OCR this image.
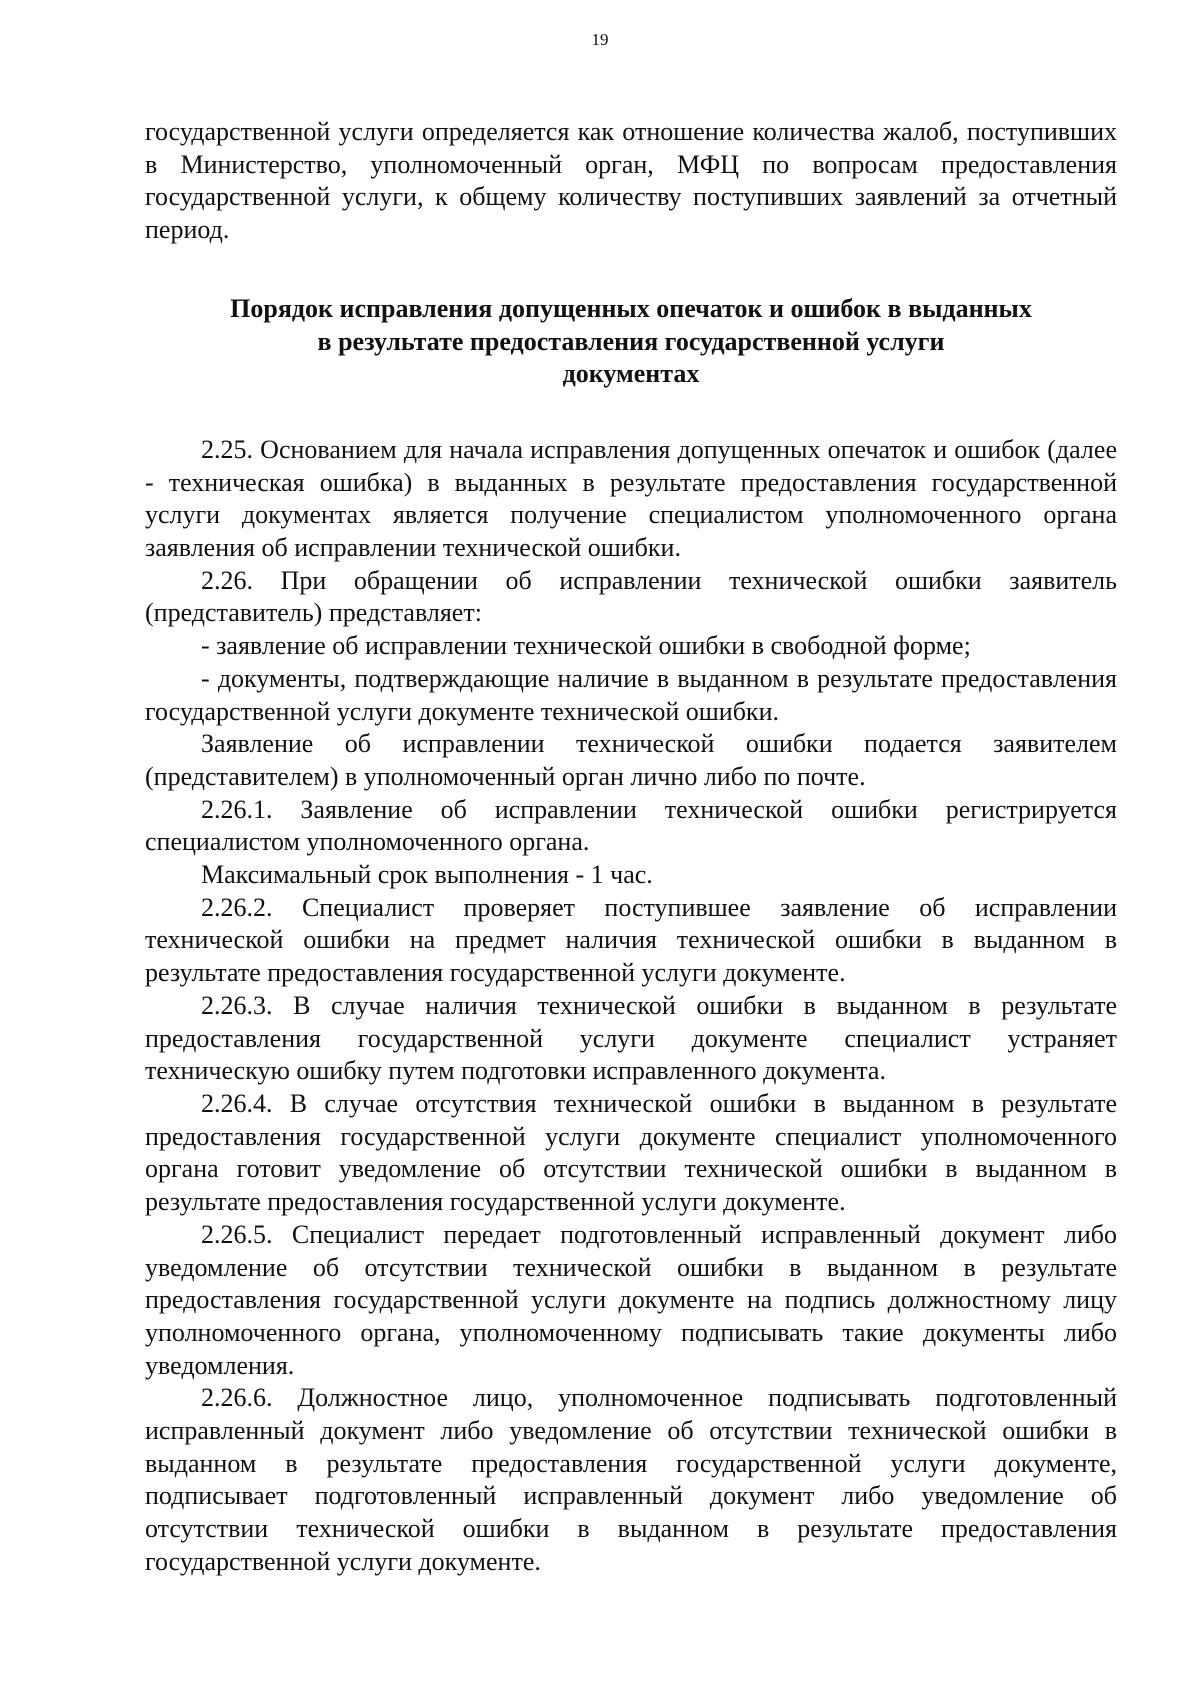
19

государственной услуги определяется как отношение количества жалоб, поступивших в Министерство, уполномоченный орган, МФЦ по вопросам предоставления государственной услуги, к общему количеству поступивших заявлений за отчетный период.

Порядок исправления допущенных опечаток и ошибок в выданных
в результате предоставления государственной услуги
документах

2.25. Основанием для начала исправления допущенных опечаток и ошибок (далее - техническая ошибка) в выданных в результате предоставления государственной услуги документах является получение специалистом уполномоченного органа заявления об исправлении технической ошибки.

2.26. При обращении об исправлении технической ошибки заявитель (представитель) представляет:

- заявление об исправлении технической ошибки в свободной форме;

- документы, подтверждающие наличие в выданном в результате предоставления государственной услуги документе технической ошибки.

Заявление об исправлении технической ошибки подается заявителем (представителем) в уполномоченный орган лично либо по почте.

2.26.1. Заявление об исправлении технической ошибки регистрируется специалистом уполномоченного органа.

Максимальный срок выполнения - 1 час.

2.26.2. Специалист проверяет поступившее заявление об исправлении технической ошибки на предмет наличия технической ошибки в выданном в результате предоставления государственной услуги документе.

2.26.3. В случае наличия технической ошибки в выданном в результате предоставления государственной услуги документе специалист устраняет техническую ошибку путем подготовки исправленного документа.

2.26.4. В случае отсутствия технической ошибки в выданном в результате предоставления государственной услуги документе специалист уполномоченного органа готовит уведомление об отсутствии технической ошибки в выданном в результате предоставления государственной услуги документе.

2.26.5. Специалист передает подготовленный исправленный документ либо уведомление об отсутствии технической ошибки в выданном в результате предоставления государственной услуги документе на подпись должностному лицу уполномоченного органа, уполномоченному подписывать такие документы либо уведомления.

2.26.6. Должностное лицо, уполномоченное подписывать подготовленный исправленный документ либо уведомление об отсутствии технической ошибки в выданном в результате предоставления государственной услуги документе, подписывает подготовленный исправленный документ либо уведомление об отсутствии технической ошибки в выданном в результате предоставления государственной услуги документе.
